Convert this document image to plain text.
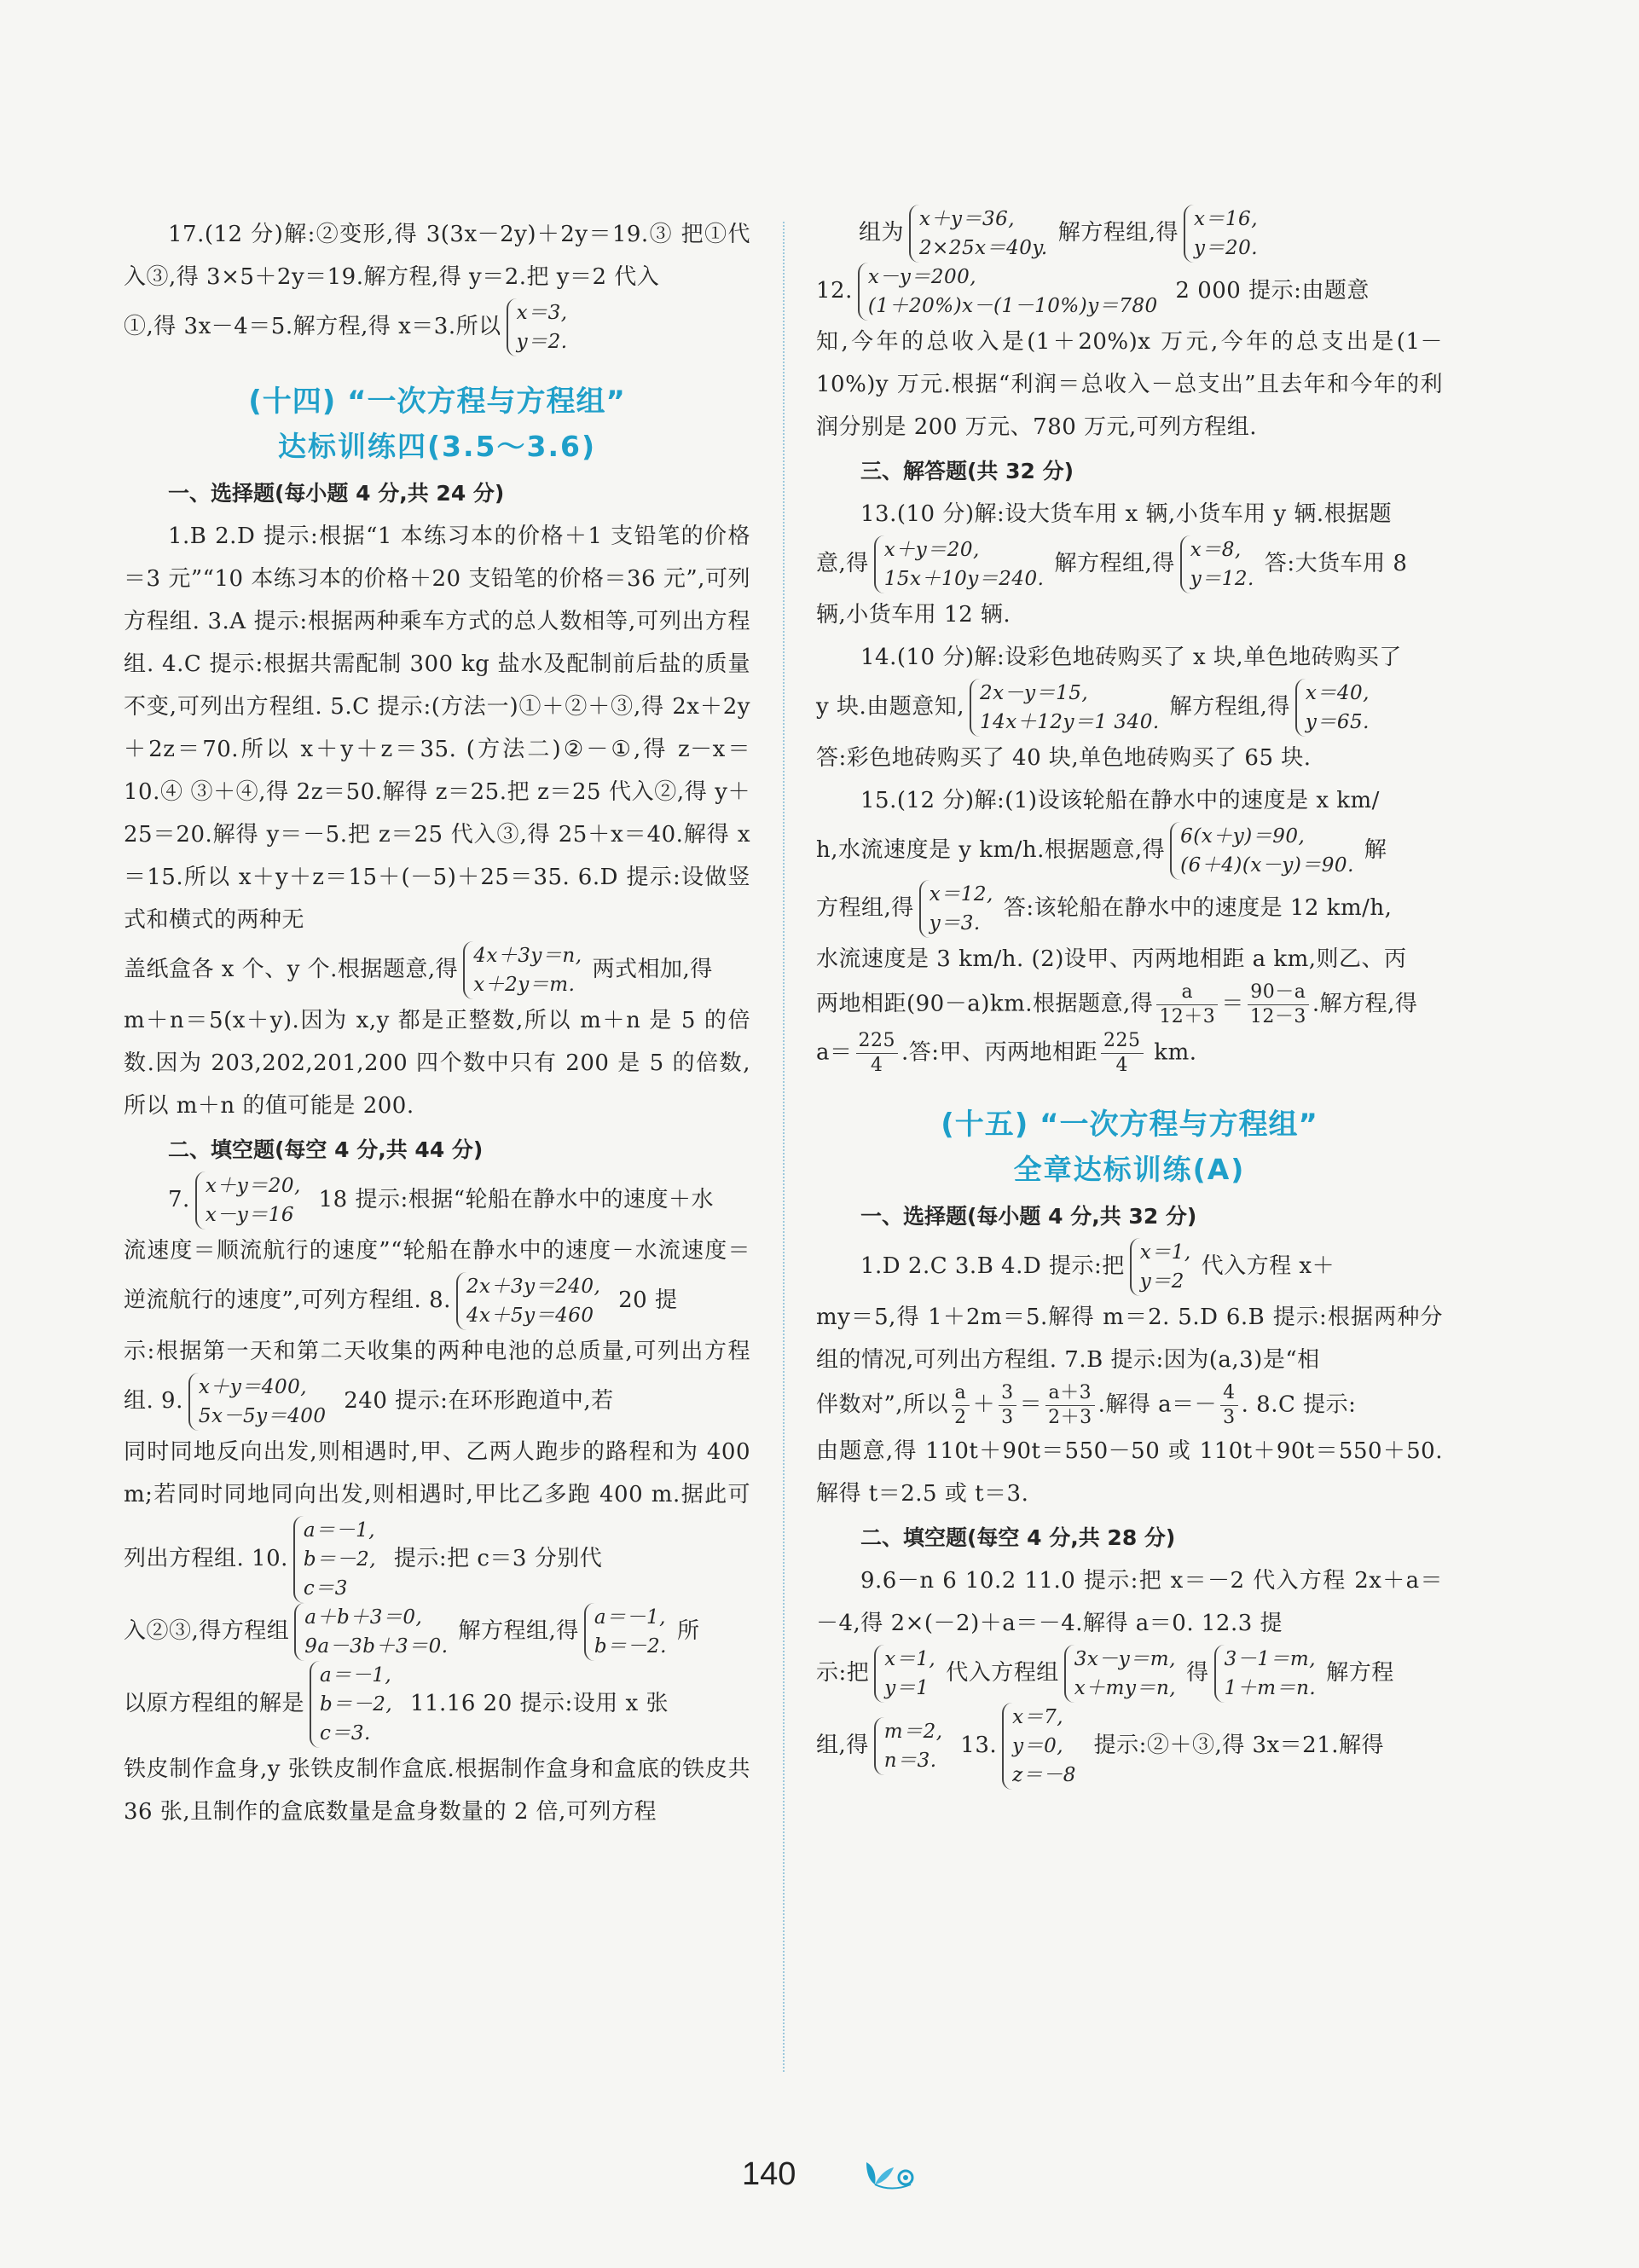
17.(12 分)解:②变形,得 3(3x－2y)＋2y＝19.③ 把①代入③,得 3×5＋2y＝19.解方程,得 y＝2.把 y＝2 代入

①,得 3x－4＝5.解方程,得 x＝3.所以
x＝3,
y＝2.

(十四) “一次方程与方程组”

达标训练四(3.5～3.6)

一、选择题(每小题 4 分,共 24 分)

1.B 2.D 提示:根据“1 本练习本的价格＋1 支铅笔的价格＝3 元”“10 本练习本的价格＋20 支铅笔的价格＝36 元”,可列方程组. 3.A 提示:根据两种乘车方式的总人数相等,可列出方程组. 4.C 提示:根据共需配制 300 kg 盐水及配制前后盐的质量不变,可列出方程组. 5.C 提示:(方法一)①＋②＋③,得 2x＋2y＋2z＝70.所以 x＋y＋z＝35. (方法二)②－①,得 z－x＝10.④ ③＋④,得 2z＝50.解得 z＝25.把 z＝25 代入②,得 y＋25＝20.解得 y＝－5.把 z＝25 代入③,得 25＋x＝40.解得 x＝15.所以 x＋y＋z＝15＋(－5)＋25＝35. 6.D 提示:设做竖式和横式的两种无

盖纸盒各 x 个、y 个.根据题意,得
4x＋3y＝n,
x＋2y＝m.
两式相加,得

m＋n＝5(x＋y).因为 x,y 都是正整数,所以 m＋n 是 5 的倍数.因为 203,202,201,200 四个数中只有 200 是 5 的倍数,所以 m＋n 的值可能是 200.

二、填空题(每空 4 分,共 44 分)

7.
x＋y＝20,
x－y＝16
18 提示:根据“轮船在静水中的速度＋水

流速度＝顺流航行的速度”“轮船在静水中的速度－水流速度＝逆流航行的速度”,可列方程组. 8.
2x＋3y＝240,
4x＋5y＝460
20 提

示:根据第一天和第二天收集的两种电池的总质量,可列出方程组. 9.
x＋y＝400,
5x－5y＝400
240 提示:在环形跑道中,若

同时同地反向出发,则相遇时,甲、乙两人跑步的路程和为 400 m;若同时同地同向出发,则相遇时,甲比乙多跑 400 m.据此可列出方程组. 10.
a＝－1,
b＝－2,
c＝3
提示:把 c＝3 分别代

入②③,得方程组
a＋b＋3＝0,
9a－3b＋3＝0.
解方程组,得
a＝－1,
b＝－2.
所

以原方程组的解是
a＝－1,
b＝－2,
c＝3.
11.16 20 提示:设用 x 张

铁皮制作盒身,y 张铁皮制作盒底.根据制作盒身和盒底的铁皮共 36 张,且制作的盒底数量是盒身数量的 2 倍,可列方程

组为
x＋y＝36,
2×25x＝40y.
解方程组,得
x＝16,
y＝20.

12.
x－y＝200,
(1＋20%)x－(1－10%)y＝780
2 000 提示:由题意

知,今年的总收入是(1＋20%)x 万元,今年的总支出是(1－10%)y 万元.根据“利润＝总收入－总支出”且去年和今年的利润分别是 200 万元、780 万元,可列方程组.

三、解答题(共 32 分)

13.(10 分)解:设大货车用 x 辆,小货车用 y 辆.根据题

意,得
x＋y＝20,
15x＋10y＝240.
解方程组,得
x＝8,
y＝12.
答:大货车用 8

辆,小货车用 12 辆.

14.(10 分)解:设彩色地砖购买了 x 块,单色地砖购买了

y 块.由题意知,
2x－y＝15,
14x＋12y＝1 340.
解方程组,得
x＝40,
y＝65.

答:彩色地砖购买了 40 块,单色地砖购买了 65 块.

15.(12 分)解:(1)设该轮船在静水中的速度是 x km/

h,水流速度是 y km/h.根据题意,得
6(x＋y)＝90,
(6＋4)(x－y)＝90.
解

方程组,得
x＝12,
y＝3.
答:该轮船在静水中的速度是 12 km/h,

水流速度是 3 km/h. (2)设甲、丙两地相距 a km,则乙、丙

两地相距(90－a)km.根据题意,得 $\frac{a}{12+3} = \frac{90-a}{12-3}$ .解方程,得

$a= \frac{225}{4}$ .答:甲、丙两地相距 $\frac{225}{4}$ km.

(十五) “一次方程与方程组”

全章达标训练(A)

一、选择题(每小题 4 分,共 32 分)

1.D 2.C 3.B 4.D 提示:把
x＝1,
y＝2
代入方程 x＋

my＝5,得 1＋2m＝5.解得 m＝2. 5.D 6.B 提示:根据两种分组的情况,可列出方程组. 7.B 提示:因为(a,3)是“相

伴数对”,所以 $\frac{a}{2} + \frac{3}{3} = \frac{a+3}{2+3}$ .解得 $a=- \frac{4}{3}$ . 8.C 提示:

由题意,得 110t＋90t＝550－50 或 110t＋90t＝550＋50.解得 t＝2.5 或 t＝3.

二、填空题(每空 4 分,共 28 分)

9.6－n 6 10.2 11.0 提示:把 x＝－2 代入方程 2x＋a＝－4,得 2×(－2)＋a＝－4.解得 a＝0. 12.3 提

示:把
x＝1,
y＝1
代入方程组
3x－y＝m,
x＋my＝n,
得
3－1＝m,
1＋m＝n.
解方程

组,得
m＝2,
n＝3.
13.
x＝7,
y＝0,
z＝－8
提示:②＋③,得 3x＝21.解得

140
